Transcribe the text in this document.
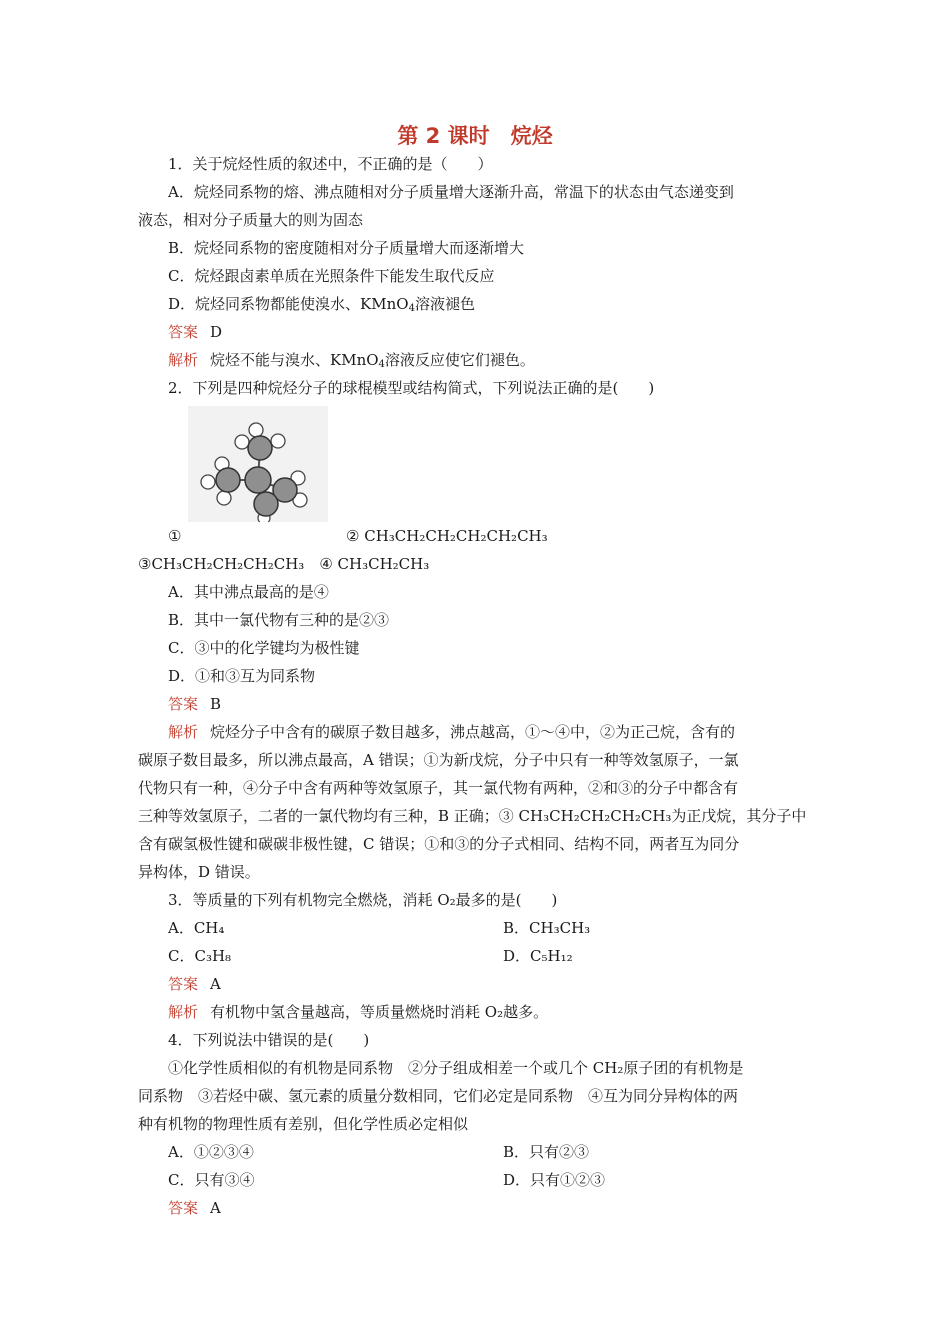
第 2 课时　烷烃

1．关于烷烃性质的叙述中，不正确的是（　　）

A．烷烃同系物的熔、沸点随相对分子质量增大逐渐升高，常温下的状态由气态递变到

液态，相对分子质量大的则为固态

B．烷烃同系物的密度随相对分子质量增大而逐渐增大

C．烷烃跟卤素单质在光照条件下能发生取代反应

D．烷烃同系物都能使溴水、KMnO$_4$溶液褪色

答案 D

解析 烷烃不能与溴水、KMnO$_4$溶液反应使它们褪色。

2．下列是四种烷烃分子的球棍模型或结构简式，下列说法正确的是(　　)

①	② CH₃CH₂CH₂CH₂CH₂CH₃

③CH₃CH₂CH₂CH₂CH₃　 ④ CH₃CH₂CH₃

A．其中沸点最高的是④

B．其中一氯代物有三种的是②③

C．③中的化学键均为极性键

D．①和③互为同系物

答案 B

解析 烷烃分子中含有的碳原子数目越多，沸点越高，①～④中，②为正己烷，含有的

碳原子数目最多，所以沸点最高，A 错误；①为新戊烷，分子中只有一种等效氢原子，一氯

代物只有一种，④分子中含有两种等效氢原子，其一氯代物有两种，②和③的分子中都含有

三种等效氢原子，二者的一氯代物均有三种，B 正确；③ CH₃CH₂CH₂CH₂CH₃为正戊烷，其分子中

含有碳氢极性键和碳碳非极性键，C 错误；①和③的分子式相同、结构不同，两者互为同分

异构体，D 错误。

3．等质量的下列有机物完全燃烧，消耗 O₂最多的是(　　)

A．CH₄	B．CH₃CH₃
C．C₃H₈	D．C₅H₁₂

答案 A

解析 有机物中氢含量越高，等质量燃烧时消耗 O₂越多。

4．下列说法中错误的是(　　)

①化学性质相似的有机物是同系物　②分子组成相差一个或几个 CH₂原子团的有机物是

同系物　③若烃中碳、氢元素的质量分数相同，它们必定是同系物　④互为同分异构体的两

种有机物的物理性质有差别，但化学性质必定相似

A．①②③④	B．只有②③
C．只有③④	D．只有①②③

答案 A
